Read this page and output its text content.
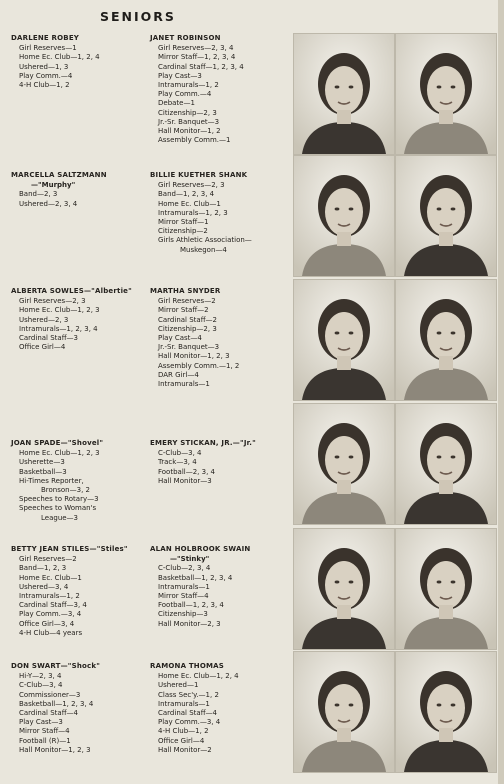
SENIORS
DARLENE ROBEY
Girl Reserves—1
Home Ec. Club—1, 2, 4
Ushered—1, 3
Play Comm.—4
4-H Club—1, 2
JANET ROBINSON
Girl Reserves—2, 3, 4
Mirror Staff—1, 2, 3, 4
Cardinal Staff—1, 2, 3, 4
Play Cast—3
Intramurals—1, 2
Play Comm.—4
Debate—1
Citizenship—2, 3
Jr.-Sr. Banquet—3
Hall Monitor—1, 2
Assembly Comm.—1
MARCELLA SALTZMANN
—"Murphy"
Band—2, 3
Ushered—2, 3, 4
BILLIE KUETHER SHANK
Girl Reserves—2, 3
Band—1, 2, 3, 4
Home Ec. Club—1
Intramurals—1, 2, 3
Mirror Staff—1
Citizenship—2
Girls Athletic Association—
Muskegon—4
ALBERTA SOWLES—"Albertie"
Girl Reserves—2, 3
Home Ec. Club—1, 2, 3
Ushered—2, 3
Intramurals—1, 2, 3, 4
Cardinal Staff—3
Office Girl—4
MARTHA SNYDER
Girl Reserves—2
Mirror Staff—2
Cardinal Staff—2
Citizenship—2, 3
Play Cast—4
Jr.-Sr. Banquet—3
Hall Monitor—1, 2, 3
Assembly Comm.—1, 2
DAR Girl—4
Intramurals—1
JOAN SPADE—"Shovel"
Home Ec. Club—1, 2, 3
Usherette—3
Basketball—3
Hi-Times Reporter,
Bronson—3, 2
Speeches to Rotary—3
Speeches to Woman's
League—3
EMERY STICKAN, JR.—"Jr."
C-Club—3, 4
Track—3, 4
Football—2, 3, 4
Hall Monitor—3
BETTY JEAN STILES—"Stiles"
Girl Reserves—2
Band—1, 2, 3
Home Ec. Club—1
Ushered—3, 4
Intramurals—1, 2
Cardinal Staff—3, 4
Play Comm.—3, 4
Office Girl—3, 4
4-H Club—4 years
ALAN HOLBROOK SWAIN
—"Stinky"
C-Club—2, 3, 4
Basketball—1, 2, 3, 4
Intramurals—1
Mirror Staff—4
Football—1, 2, 3, 4
Citizenship—3
Hall Monitor—2, 3
DON SWART—"Shock"
Hi-Y—2, 3, 4
C-Club—3, 4
Commissioner—3
Basketball—1, 2, 3, 4
Cardinal Staff—4
Play Cast—3
Mirror Staff—4
Football (R)—1
Hall Monitor—1, 2, 3
RAMONA THOMAS
Home Ec. Club—1, 2, 4
Ushered—1
Class Sec'y.—1, 2
Intramurals—1
Cardinal Staff—4
Play Comm.—3, 4
4-H Club—1, 2
Office Girl—4
Hall Monitor—2
